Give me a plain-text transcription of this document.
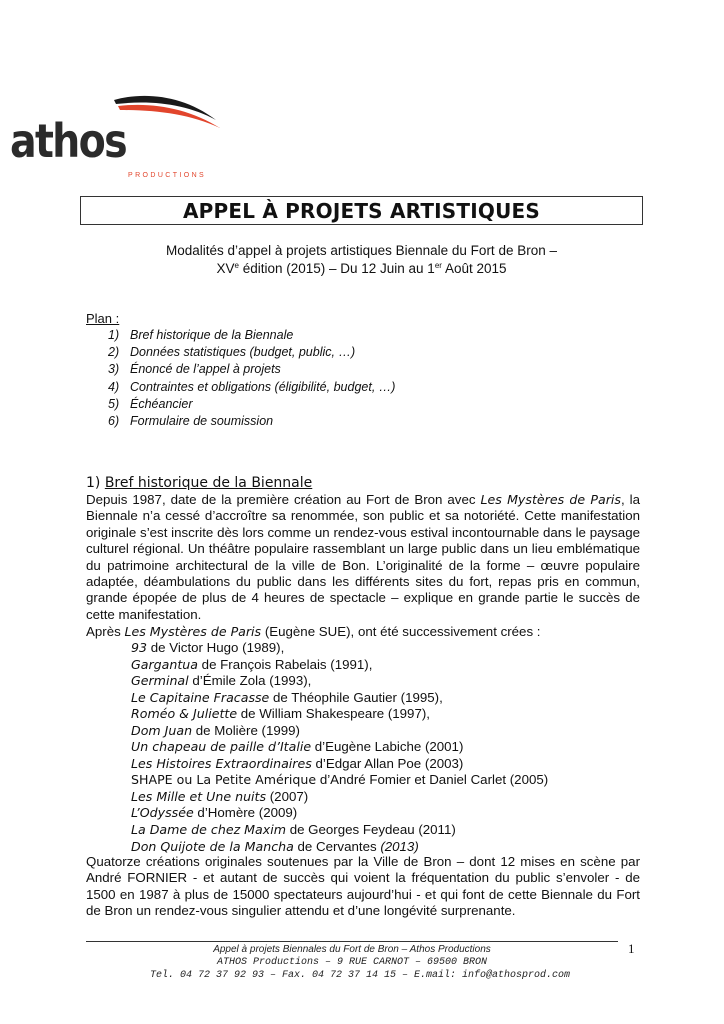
athos
PRODUCTIONS
APPEL À PROJETS ARTISTIQUES
Modalités d’appel à projets artistiques Biennale du Fort de Bron –
XVe édition (2015) – Du 12 Juin au 1er Août 2015
Plan :
1) Bref historique de la Biennale
2) Données statistiques (budget, public, …)
3) Énoncé de l’appel à projets
4) Contraintes et obligations (éligibilité, budget, …)
5) Échéancier
6) Formulaire de soumission
1) Bref historique de la Biennale
Depuis 1987, date de la première création au Fort de Bron avec Les Mystères de Paris, la Biennale n’a cessé d’accroître sa renommée, son public et sa notoriété. Cette manifestation originale s’est inscrite dès lors comme un rendez-vous estival incontournable dans le paysage culturel régional. Un théâtre populaire rassemblant un large public dans un lieu emblématique du patrimoine architectural de la ville de Bon. L’originalité de la forme – œuvre populaire adaptée, déambulations du public dans les différents sites du fort, repas pris en commun, grande épopée de plus de 4 heures de spectacle – explique en grande partie le succès de cette manifestation.
Après Les Mystères de Paris (Eugène SUE), ont été successivement crées :
93 de Victor Hugo (1989),
Gargantua de François Rabelais (1991),
Germinal d’Émile Zola (1993),
Le Capitaine Fracasse de Théophile Gautier (1995),
Roméo & Juliette de William Shakespeare (1997),
Dom Juan de Molière (1999)
Un chapeau de paille d’Italie d’Eugène Labiche (2001)
Les Histoires Extraordinaires d’Edgar Allan Poe (2003)
SHAPE ou La Petite Amérique d’André Fomier et Daniel Carlet (2005)
Les Mille et Une nuits (2007)
L’Odyssée d’Homère (2009)
La Dame de chez Maxim de Georges Feydeau (2011)
Don Quijote de la Mancha de Cervantes (2013)
Quatorze créations originales soutenues par la Ville de Bron – dont 12 mises en scène par André FORNIER - et autant de succès qui voient la fréquentation du public s’envoler - de 1500 en 1987 à plus de 15000 spectateurs aujourd’hui - et qui font de cette Biennale du Fort de Bron un rendez-vous singulier attendu et d’une longévité surprenante.
Appel à projets Biennales du Fort de Bron – Athos Productions	1
ATHOS Productions – 9 RUE CARNOT – 69500 BRON
Tel. 04 72 37 92 93 – Fax. 04 72 37 14 15 – E.mail: info@athosprod.com
